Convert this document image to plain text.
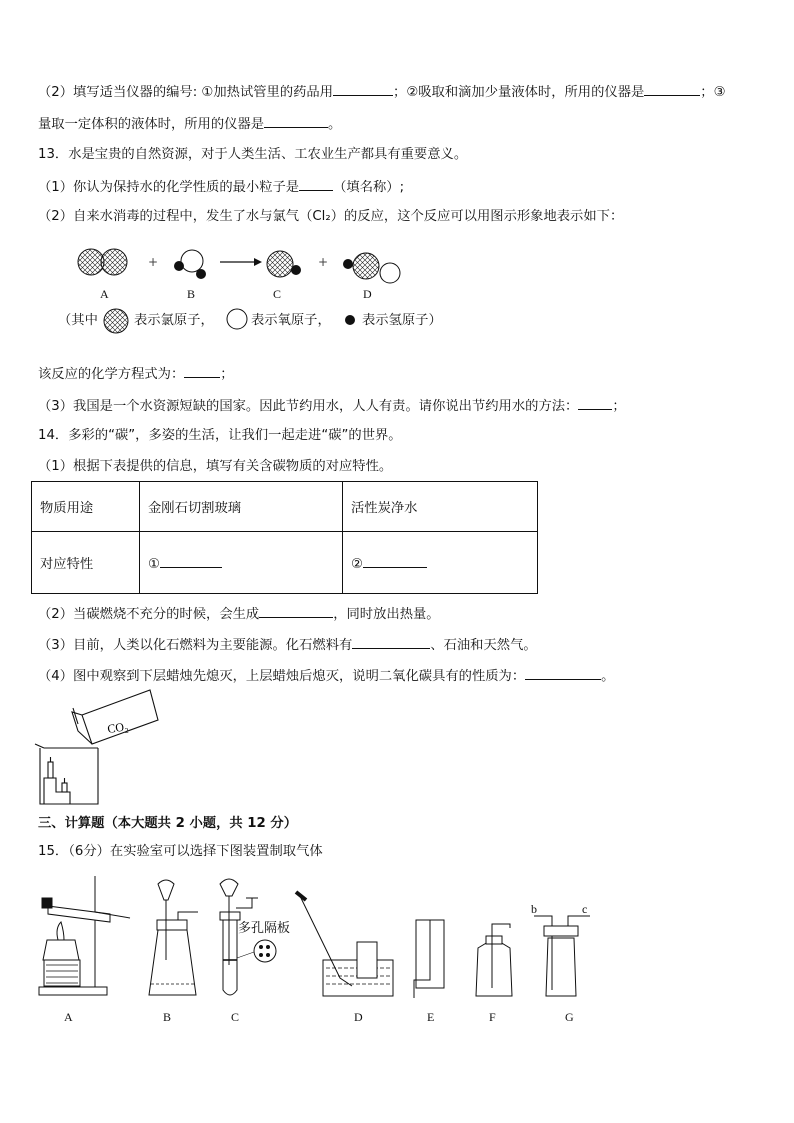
（2）填写适当仪器的编号: ①加热试管里的药品用	；②吸取和滴加少量液体时，所用的仪器是	；③
量取一定体积的液体时，所用的仪器是	。
13．水是宝贵的自然资源，对于人类生活、工农业生产都具有重要意义。
（1）你认为保持水的化学性质的最小粒子是	（填名称）;
（2）自来水消毒的过程中，发生了水与氯气（Cl₂）的反应，这个反应可以用图示形象地表示如下：
+	+
A	B	C	D
（其中	表示氯原子，	表示氧原子， 表示氢原子）
该反应的化学方程式为：	；
（3）我国是一个水资源短缺的国家。因此节约用水，人人有责。请你说出节约用水的方法：	；
14．多彩的“碳”，多姿的生活，让我们一起走进“碳”的世界。
（1）根据下表提供的信息，填写有关含碳物质的对应特性。
物质用途	金刚石切割玻璃	活性炭净水
对应特性	①	②
（2）当碳燃烧不充分的时候，会生成	，同时放出热量。
（3）目前，人类以化石燃料为主要能源。化石燃料有	、石油和天然气。
（4）图中观察到下层蜡烛先熄灭，上层蜡烛后熄灭，说明二氧化碳具有的性质为：	。
CO₂
三、计算题（本大题共 2 小题，共 12 分）
15．（6分）在实验室可以选择下图装置制取气体
多孔隔板
b	c
A	B	C	D	E	F	G
